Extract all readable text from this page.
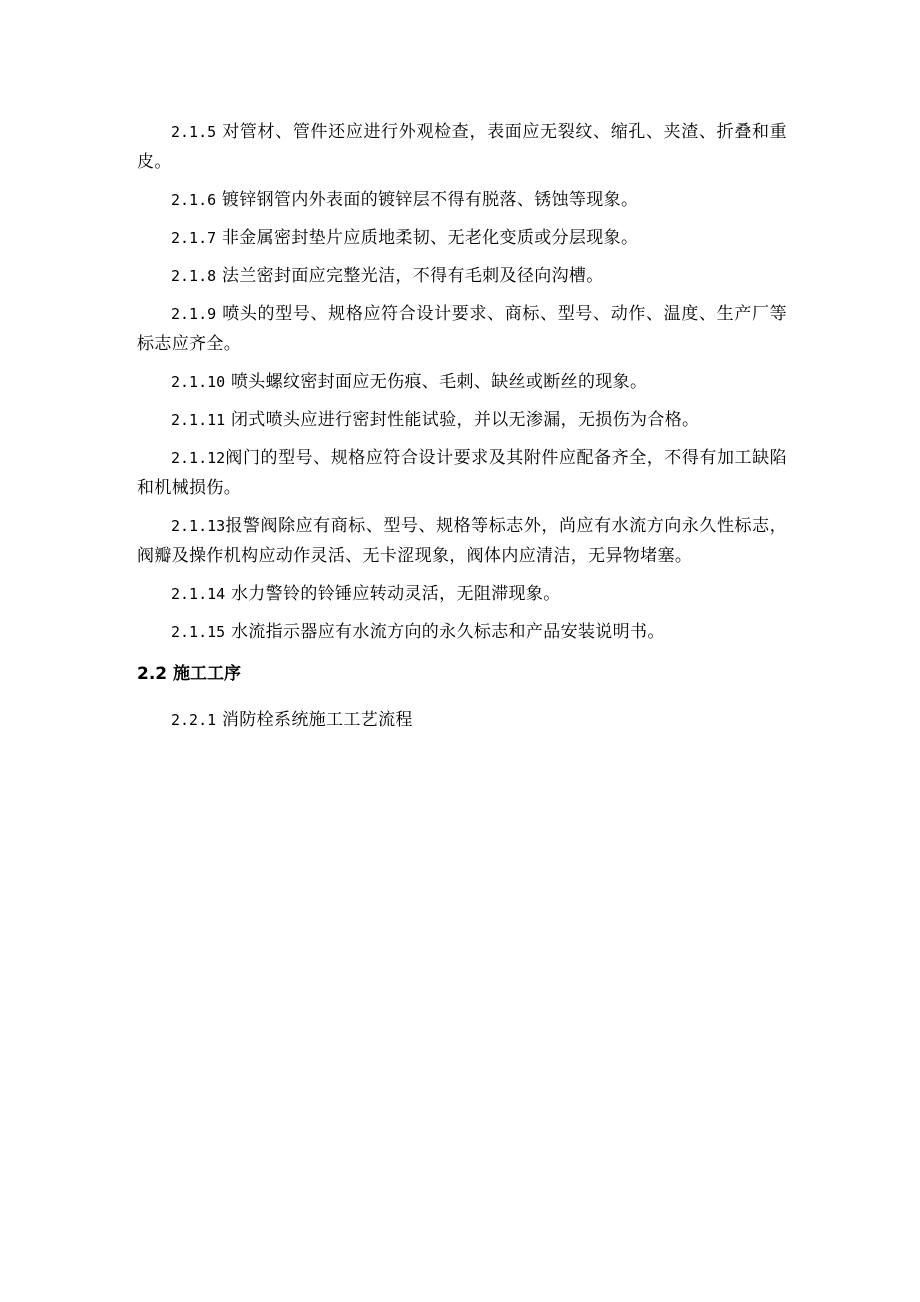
2.1.5 对管材、管件还应进行外观检查，表面应无裂纹、缩孔、夹渣、折叠和重皮。

2.1.6 镀锌钢管内外表面的镀锌层不得有脱落、锈蚀等现象。

2.1.7 非金属密封垫片应质地柔韧、无老化变质或分层现象。

2.1.8 法兰密封面应完整光洁，不得有毛刺及径向沟槽。

2.1.9 喷头的型号、规格应符合设计要求、商标、型号、动作、温度、生产厂等标志应齐全。

2.1.10 喷头螺纹密封面应无伤痕、毛刺、缺丝或断丝的现象。

2.1.11 闭式喷头应进行密封性能试验，并以无渗漏，无损伤为合格。

2.1.12阀门的型号、规格应符合设计要求及其附件应配备齐全，不得有加工缺陷和机械损伤。

2.1.13报警阀除应有商标、型号、规格等标志外，尚应有水流方向永久性标志，阀瓣及操作机构应动作灵活、无卡涩现象，阀体内应清洁，无异物堵塞。

2.1.14 水力警铃的铃锤应转动灵活，无阻滞现象。

2.1.15 水流指示器应有水流方向的永久标志和产品安装说明书。

2.2 施工工序

2.2.1 消防栓系统施工工艺流程
